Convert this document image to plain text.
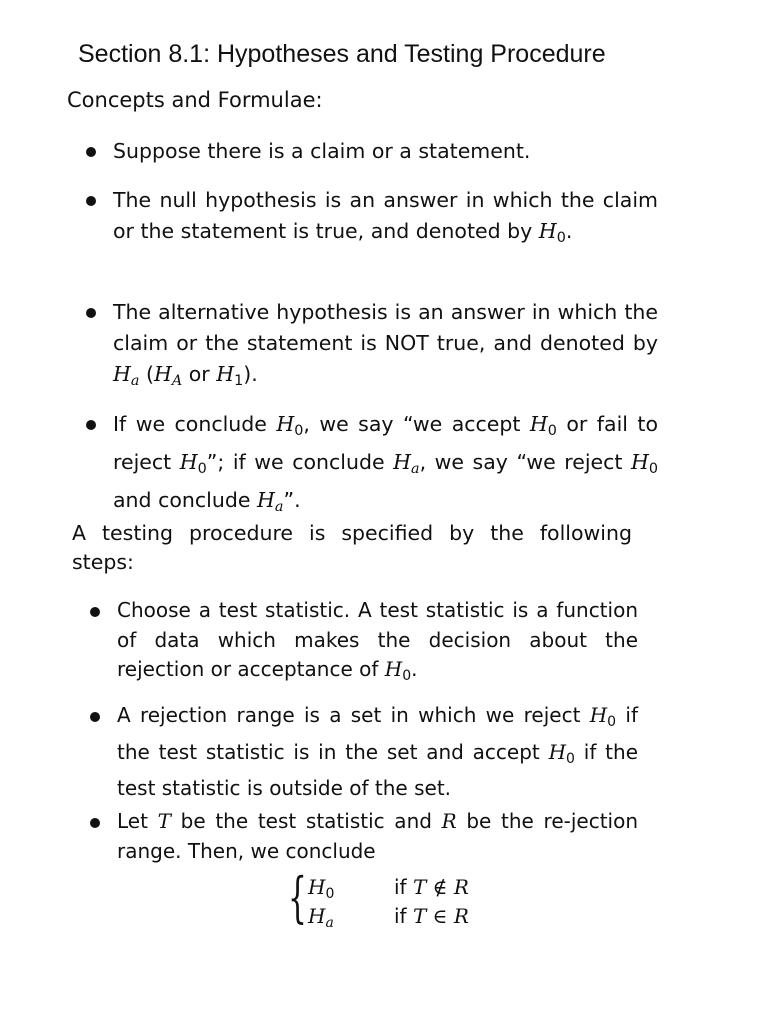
Section 8.1: Hypotheses and Testing Procedure
Concepts and Formulae:
Suppose there is a claim or a statement.
The null hypothesis is an answer in which the claim or the statement is true, and denoted by $H_0$.
The alternative hypothesis is an answer in which the claim or the statement is NOT true, and denoted by Ha (HA or $H_1$).
If we conclude $H_0$, we say “we accept $H_0$ or fail to reject $H_0$”; if we conclude Ha, we say “we reject $H_0$ and conclude Ha”.
A testing procedure is specified by the following steps:
Choose a test statistic. A test statistic is a function of data which makes the decision about the rejection or acceptance of $H_0$.
A rejection range is a set in which we reject $H_0$ if the test statistic is in the set and accept $H_0$ if the test statistic is outside of the set.
Let T be the test statistic and R be the re-jection range. Then, we conclude
{ $H_0$	if T ∉ R
$H_a$	if T ∈ R
